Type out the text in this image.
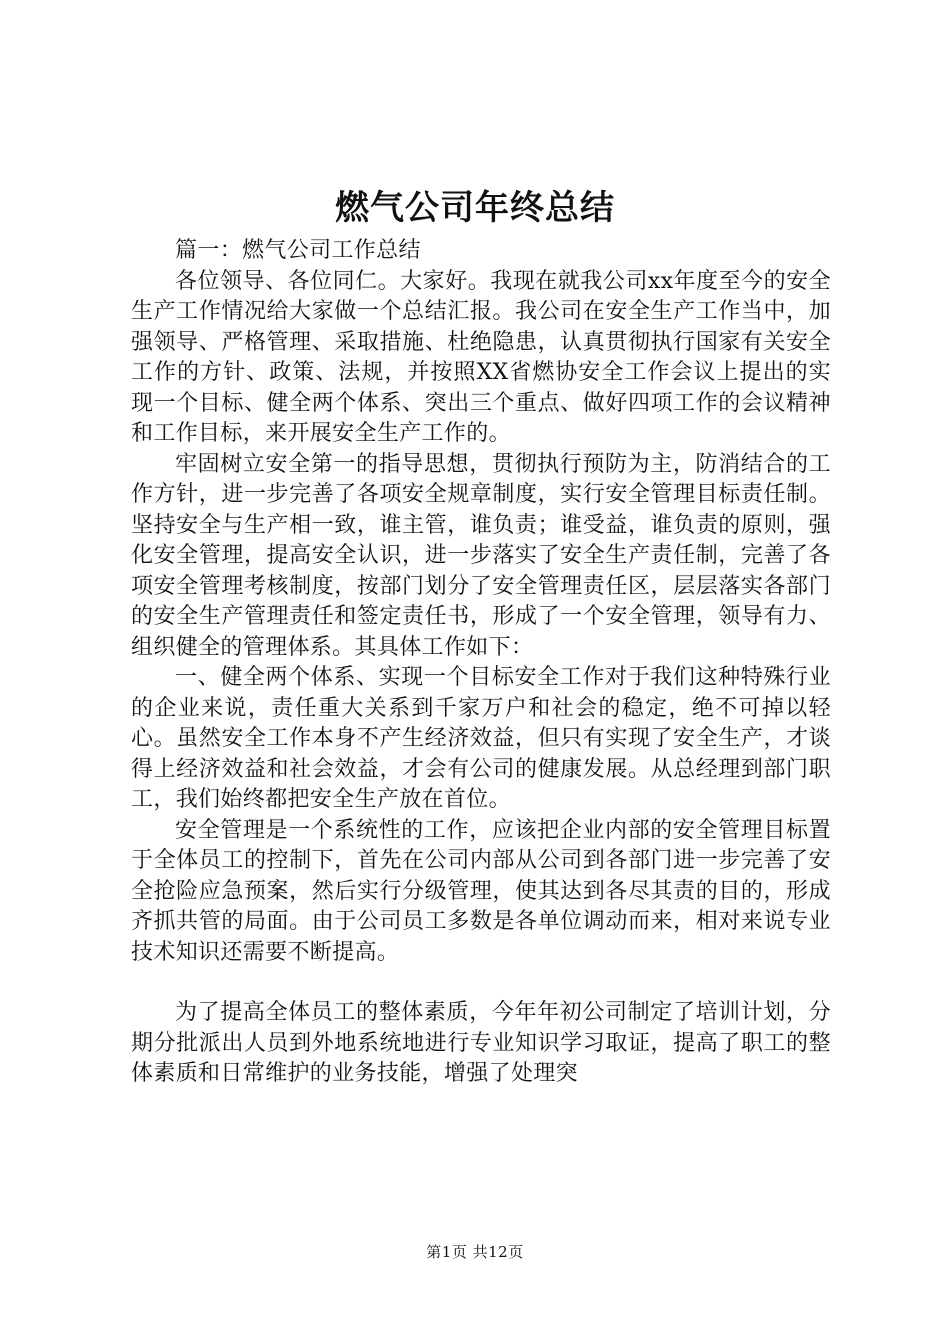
燃气公司年终总结

篇一：燃气公司工作总结

各位领导、各位同仁。大家好。我现在就我公司xx年度至今的安全生产工作情况给大家做一个总结汇报。我公司在安全生产工作当中，加强领导、严格管理、采取措施、杜绝隐患，认真贯彻执行国家有关安全工作的方针、政策、法规，并按照XX省燃协安全工作会议上提出的实现一个目标、健全两个体系、突出三个重点、做好四项工作的会议精神和工作目标，来开展安全生产工作的。

牢固树立安全第一的指导思想，贯彻执行预防为主，防消结合的工作方针，进一步完善了各项安全规章制度，实行安全管理目标责任制。坚持安全与生产相一致，谁主管，谁负责；谁受益，谁负责的原则，强化安全管理，提高安全认识，进一步落实了安全生产责任制，完善了各项安全管理考核制度，按部门划分了安全管理责任区，层层落实各部门的安全生产管理责任和签定责任书，形成了一个安全管理，领导有力、组织健全的管理体系。其具体工作如下：

一、健全两个体系、实现一个目标安全工作对于我们这种特殊行业的企业来说，责任重大关系到千家万户和社会的稳定，绝不可掉以轻心。虽然安全工作本身不产生经济效益，但只有实现了安全生产，才谈得上经济效益和社会效益，才会有公司的健康发展。从总经理到部门职工，我们始终都把安全生产放在首位。

安全管理是一个系统性的工作，应该把企业内部的安全管理目标置于全体员工的控制下，首先在公司内部从公司到各部门进一步完善了安全抢险应急预案，然后实行分级管理，使其达到各尽其责的目的，形成齐抓共管的局面。由于公司员工多数是各单位调动而来，相对来说专业技术知识还需要不断提高。

为了提高全体员工的整体素质，今年年初公司制定了培训计划，分期分批派出人员到外地系统地进行专业知识学习取证，提高了职工的整体素质和日常维护的业务技能，增强了处理突

第1页 共12页
